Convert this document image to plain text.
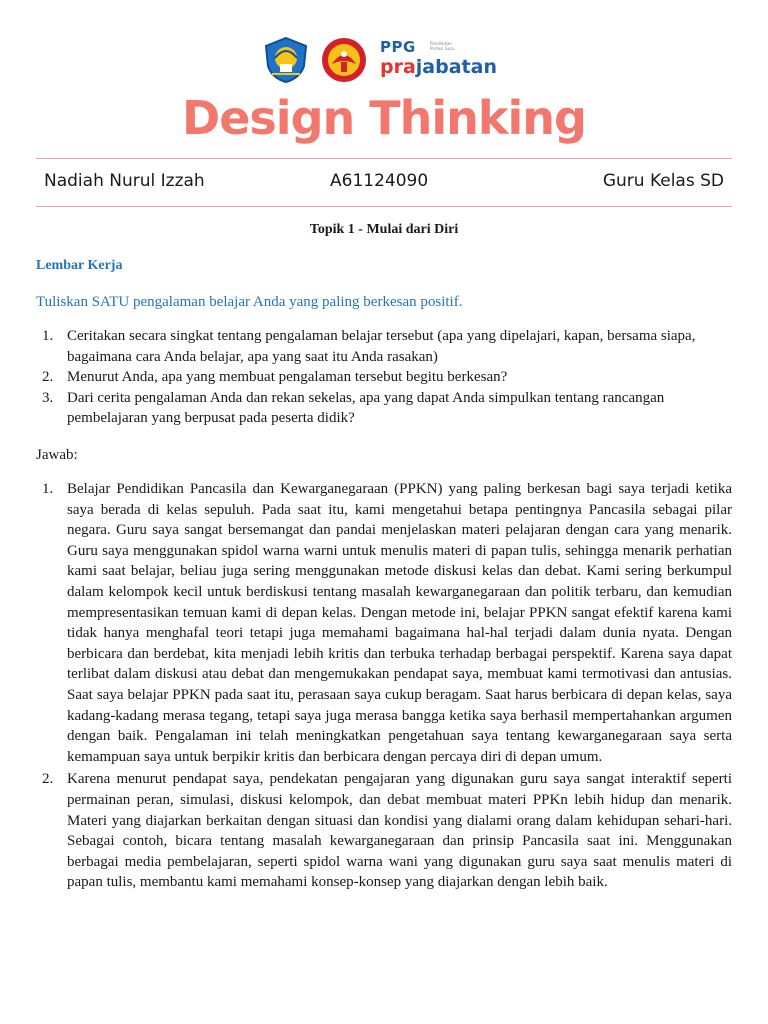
PPG
prajabatan
Pendidikan Profesi Guru
Design Thinking
Nadiah Nurul Izzah	A61124090	Guru Kelas SD
Topik 1 - Mulai dari Diri
Lembar Kerja
Tuliskan SATU pengalaman belajar Anda yang paling berkesan positif.
1. Ceritakan secara singkat tentang pengalaman belajar tersebut (apa yang dipelajari, kapan, bersama siapa, bagaimana cara Anda belajar, apa yang saat itu Anda rasakan)
2. Menurut Anda, apa yang membuat pengalaman tersebut begitu berkesan?
3. Dari cerita pengalaman Anda dan rekan sekelas, apa yang dapat Anda simpulkan tentang rancangan pembelajaran yang berpusat pada peserta didik?
Jawab:
1. Belajar Pendidikan Pancasila dan Kewarganegaraan (PPKN) yang paling berkesan bagi saya terjadi ketika saya berada di kelas sepuluh. Pada saat itu, kami mengetahui betapa pentingnya Pancasila sebagai pilar negara. Guru saya sangat bersemangat dan pandai menjelaskan materi pelajaran dengan cara yang menarik. Guru saya menggunakan spidol warna warni untuk menulis materi di papan tulis, sehingga menarik perhatian kami saat belajar, beliau juga sering menggunakan metode diskusi kelas dan debat. Kami sering berkumpul dalam kelompok kecil untuk berdiskusi tentang masalah kewarganegaraan dan politik terbaru, dan kemudian mempresentasikan temuan kami di depan kelas. Dengan metode ini, belajar PPKN sangat efektif karena kami tidak hanya menghafal teori tetapi juga memahami bagaimana hal-hal terjadi dalam dunia nyata. Dengan berbicara dan berdebat, kita menjadi lebih kritis dan terbuka terhadap berbagai perspektif. Karena saya dapat terlibat dalam diskusi atau debat dan mengemukakan pendapat saya, membuat kami termotivasi dan antusias. Saat saya belajar PPKN pada saat itu, perasaan saya cukup beragam. Saat harus berbicara di depan kelas, saya kadang-kadang merasa tegang, tetapi saya juga merasa bangga ketika saya berhasil mempertahankan argumen dengan baik. Pengalaman ini telah meningkatkan pengetahuan saya tentang kewarganegaraan saya serta kemampuan saya untuk berpikir kritis dan berbicara dengan percaya diri di depan umum.
2. Karena menurut pendapat saya, pendekatan pengajaran yang digunakan guru saya sangat interaktif seperti permainan peran, simulasi, diskusi kelompok, dan debat membuat materi PPKn lebih hidup dan menarik. Materi yang diajarkan berkaitan dengan situasi dan kondisi yang dialami orang dalam kehidupan sehari-hari. Sebagai contoh, bicara tentang masalah kewarganegaraan dan prinsip Pancasila saat ini. Menggunakan berbagai media pembelajaran, seperti spidol warna wani yang digunakan guru saya saat menulis materi di papan tulis, membantu kami memahami konsep-konsep yang diajarkan dengan lebih baik.
